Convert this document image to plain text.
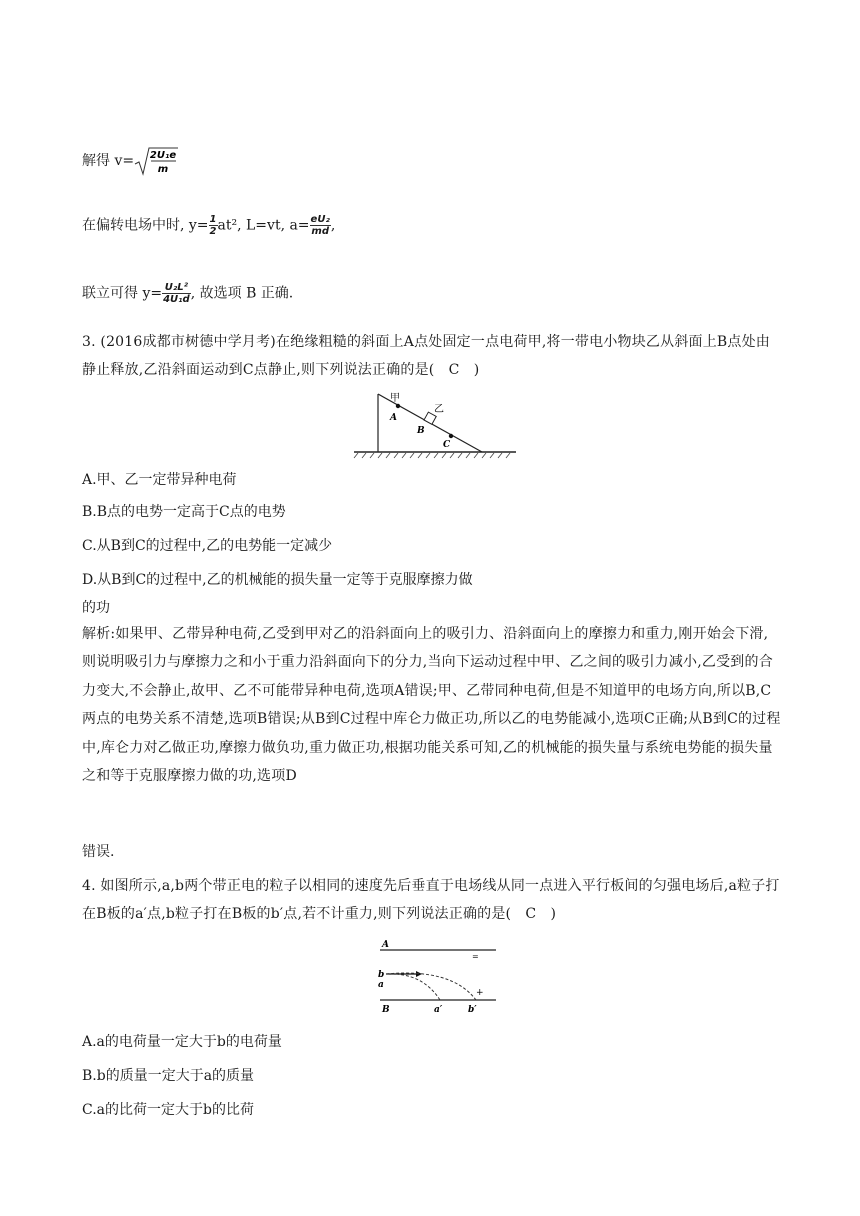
解得 v= 2U₁e
m
在偏转电场中时, $y= \frac{1}{2} at^2$, L=vt, $a= \frac{\text{eU₂}}{md}$ ,
联立可得 $y= \frac{\text{U₂L²}}{\text{4U₁d}}$ , 故选项 B 正确.
3. (2016成都市树德中学月考)在绝缘粗糙的斜面上A点处固定一点电荷甲,将一带电小物块乙从斜面上B点处由静止释放,乙沿斜面运动到C点静止,则下列说法正确的是(　C　)
甲
乙
A
B
C
A.甲、乙一定带异种电荷
B.B点的电势一定高于C点的电势
C.从B到C的过程中,乙的电势能一定减少
D.从B到C的过程中,乙的机械能的损失量一定等于克服摩擦力做
的功
解析:如果甲、乙带异种电荷,乙受到甲对乙的沿斜面向上的吸引力、沿斜面向上的摩擦力和重力,刚开始会下滑,则说明吸引力与摩擦力之和小于重力沿斜面向下的分力,当向下运动过程中甲、乙之间的吸引力减小,乙受到的合力变大,不会静止,故甲、乙不可能带异种电荷,选项A错误;甲、乙带同种电荷,但是不知道甲的电场方向,所以B,C两点的电势关系不清楚,选项B错误;从B到C过程中库仑力做正功,所以乙的电势能减小,选项C正确;从B到C的过程中,库仑力对乙做正功,摩擦力做负功,重力做正功,根据功能关系可知,乙的机械能的损失量与系统电势能的损失量之和等于克服摩擦力做的功,选项D
错误.
4. 如图所示,a,b两个带正电的粒子以相同的速度先后垂直于电场线从同一点进入平行板间的匀强电场后,a粒子打在B板的a′点,b粒子打在B板的b′点,若不计重力,则下列说法正确的是(　C　)
A
=
+
b
a
B	a′	b′
A.a的电荷量一定大于b的电荷量
B.b的质量一定大于a的质量
C.a的比荷一定大于b的比荷
